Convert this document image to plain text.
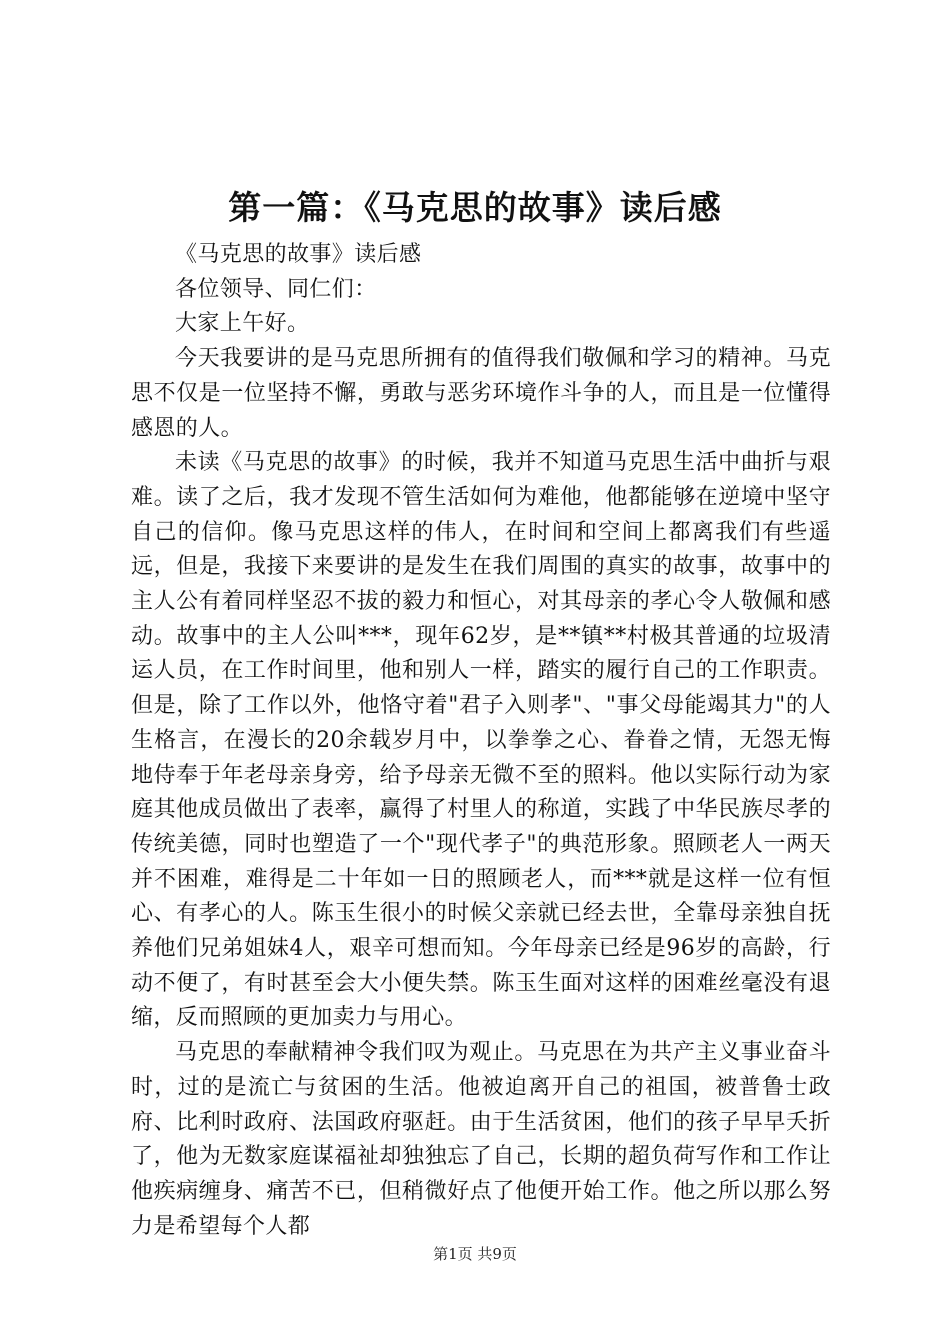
第一篇：《马克思的故事》读后感

《马克思的故事》读后感

各位领导、同仁们：

大家上午好。

今天我要讲的是马克思所拥有的值得我们敬佩和学习的精神。马克思不仅是一位坚持不懈，勇敢与恶劣环境作斗争的人，而且是一位懂得感恩的人。

未读《马克思的故事》的时候，我并不知道马克思生活中曲折与艰难。读了之后，我才发现不管生活如何为难他，他都能够在逆境中坚守自己的信仰。像马克思这样的伟人，在时间和空间上都离我们有些遥远，但是，我接下来要讲的是发生在我们周围的真实的故事，故事中的主人公有着同样坚忍不拔的毅力和恒心，对其母亲的孝心令人敬佩和感动。故事中的主人公叫***，现年62岁，是**镇**村极其普通的垃圾清运人员，在工作时间里，他和别人一样，踏实的履行自己的工作职责。但是，除了工作以外，他恪守着"君子入则孝"、"事父母能竭其力"的人生格言，在漫长的20余载岁月中，以拳拳之心、眷眷之情，无怨无悔地侍奉于年老母亲身旁，给予母亲无微不至的照料。他以实际行动为家庭其他成员做出了表率，赢得了村里人的称道，实践了中华民族尽孝的传统美德，同时也塑造了一个"现代孝子"的典范形象。照顾老人一两天并不困难，难得是二十年如一日的照顾老人，而***就是这样一位有恒心、有孝心的人。陈玉生很小的时候父亲就已经去世，全靠母亲独自抚养他们兄弟姐妹4人，艰辛可想而知。今年母亲已经是96岁的高龄，行动不便了，有时甚至会大小便失禁。陈玉生面对这样的困难丝毫没有退缩，反而照顾的更加卖力与用心。

马克思的奉献精神令我们叹为观止。马克思在为共产主义事业奋斗时，过的是流亡与贫困的生活。他被迫离开自己的祖国，被普鲁士政府、比利时政府、法国政府驱赶。由于生活贫困，他们的孩子早早夭折了，他为无数家庭谋福祉却独独忘了自己，长期的超负荷写作和工作让他疾病缠身、痛苦不已，但稍微好点了他便开始工作。他之所以那么努力是希望每个人都

第1页 共9页
